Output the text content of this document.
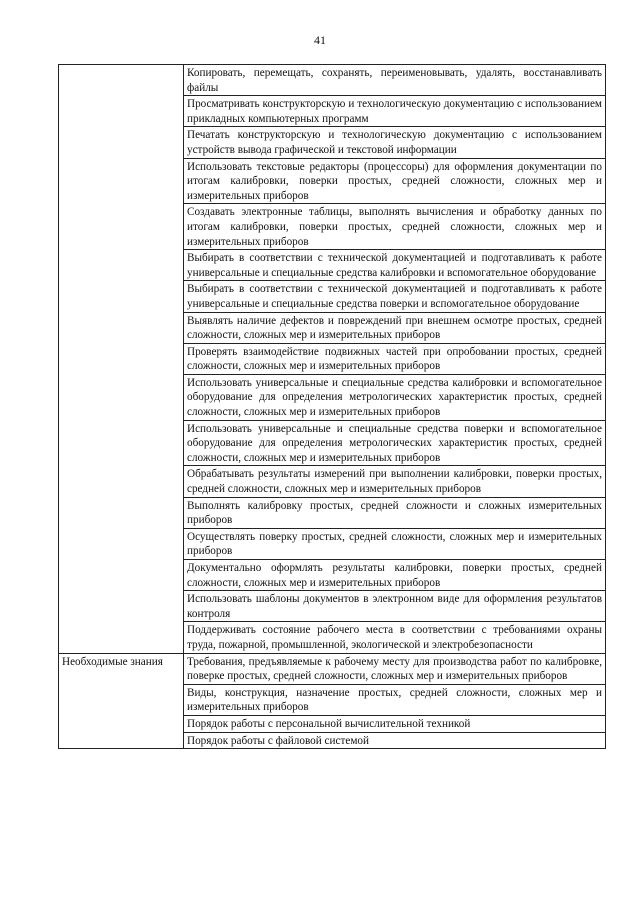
41
	Копировать, перемещать, сохранять, переименовывать, удалять, восстанавливать файлы
	Просматривать конструкторскую и технологическую документацию с использованием прикладных компьютерных программ
	Печатать конструкторскую и технологическую документацию с использованием устройств вывода графической и текстовой информации
	Использовать текстовые редакторы (процессоры) для оформления документации по итогам калибровки, поверки простых, средней сложности, сложных мер и измерительных приборов
	Создавать электронные таблицы, выполнять вычисления и обработку данных по итогам калибровки, поверки простых, средней сложности, сложных мер и измерительных приборов
	Выбирать в соответствии с технической документацией и подготавливать к работе универсальные и специальные средства калибровки и вспомогательное оборудование
	Выбирать в соответствии с технической документацией и подготавливать к работе универсальные и специальные средства поверки и вспомогательное оборудование
	Выявлять наличие дефектов и повреждений при внешнем осмотре простых, средней сложности, сложных мер и измерительных приборов
	Проверять взаимодействие подвижных частей при опробовании простых, средней сложности, сложных мер и измерительных приборов
	Использовать универсальные и специальные средства калибровки и вспомогательное оборудование для определения метрологических характеристик простых, средней сложности, сложных мер и измерительных приборов
	Использовать универсальные и специальные средства поверки и вспомогательное оборудование для определения метрологических характеристик простых, средней сложности, сложных мер и измерительных приборов
	Обрабатывать результаты измерений при выполнении калибровки, поверки простых, средней сложности, сложных мер и измерительных приборов
	Выполнять калибровку простых, средней сложности и сложных измерительных приборов
	Осуществлять поверку простых, средней сложности, сложных мер и измерительных приборов
	Документально оформлять результаты калибровки, поверки простых, средней сложности, сложных мер и измерительных приборов
	Использовать шаблоны документов в электронном виде для оформления результатов контроля
	Поддерживать состояние рабочего места в соответствии с требованиями охраны труда, пожарной, промышленной, экологической и электробезопасности
Необходимые знания	Требования, предъявляемые к рабочему месту для производства работ по калибровке, поверке простых, средней сложности, сложных мер и измерительных приборов
	Виды, конструкция, назначение простых, средней сложности, сложных мер и измерительных приборов
	Порядок работы с персональной вычислительной техникой
	Порядок работы с файловой системой
